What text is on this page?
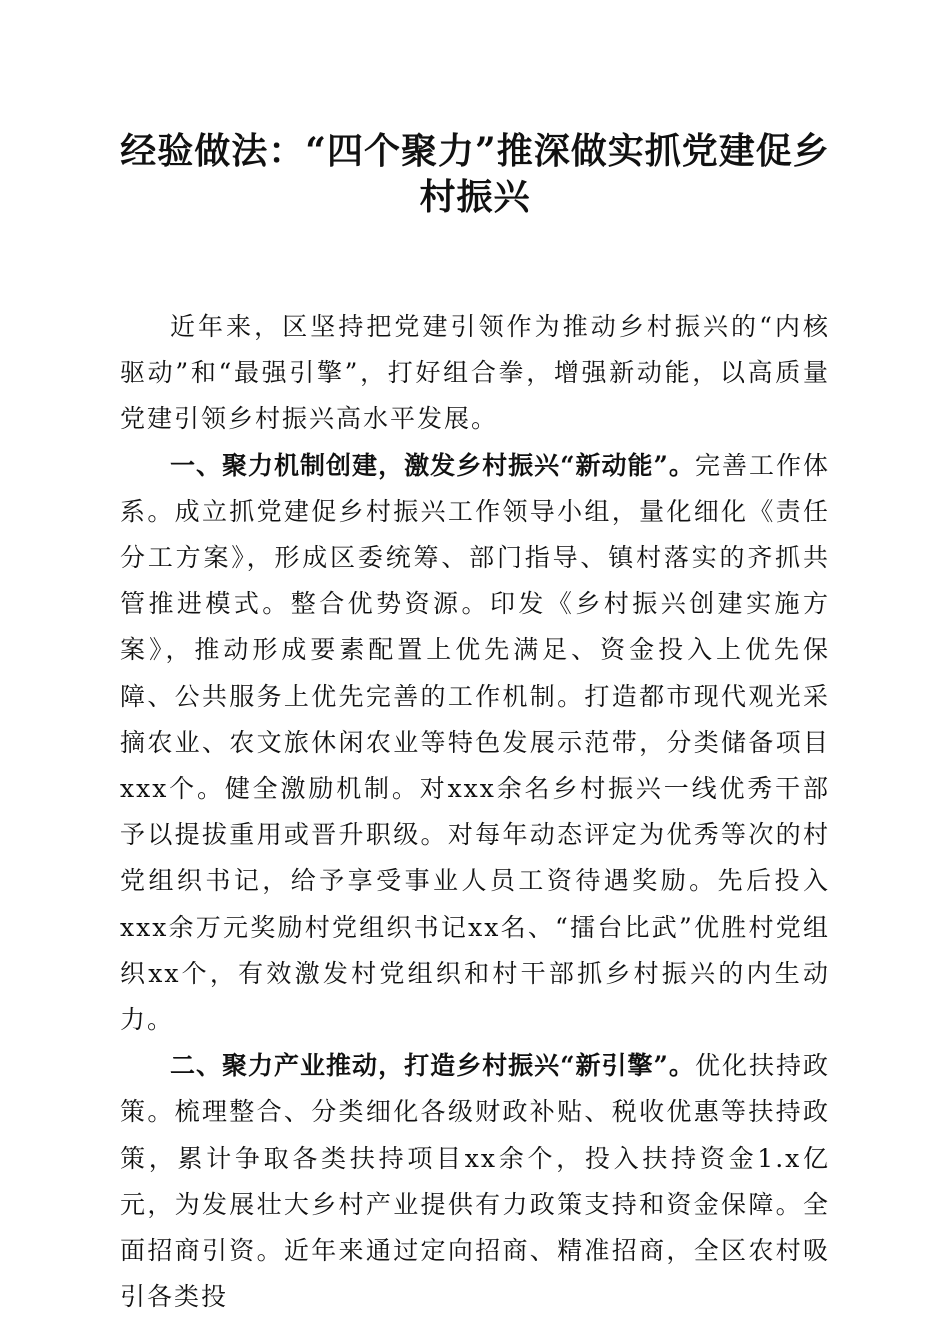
经验做法：“四个聚力”推深做实抓党建促乡村振兴

近年来，区坚持把党建引领作为推动乡村振兴的“内核驱动”和“最强引擎”，打好组合拳，增强新动能，以高质量党建引领乡村振兴高水平发展。

一、聚力机制创建，激发乡村振兴“新动能”。完善工作体系。成立抓党建促乡村振兴工作领导小组，量化细化《责任分工方案》，形成区委统筹、部门指导、镇村落实的齐抓共管推进模式。整合优势资源。印发《乡村振兴创建实施方案》，推动形成要素配置上优先满足、资金投入上优先保障、公共服务上优先完善的工作机制。打造都市现代观光采摘农业、农文旅休闲农业等特色发展示范带，分类储备项目xxx个。健全激励机制。对xxx余名乡村振兴一线优秀干部予以提拔重用或晋升职级。对每年动态评定为优秀等次的村党组织书记，给予享受事业人员工资待遇奖励。先后投入xxx余万元奖励村党组织书记xx名、“擂台比武”优胜村党组织xx个，有效激发村党组织和村干部抓乡村振兴的内生动力。

二、聚力产业推动，打造乡村振兴“新引擎”。优化扶持政策。梳理整合、分类细化各级财政补贴、税收优惠等扶持政策，累计争取各类扶持项目xx余个，投入扶持资金1.x亿元，为发展壮大乡村产业提供有力政策支持和资金保障。全面招商引资。近年来通过定向招商、精准招商，全区农村吸引各类投
